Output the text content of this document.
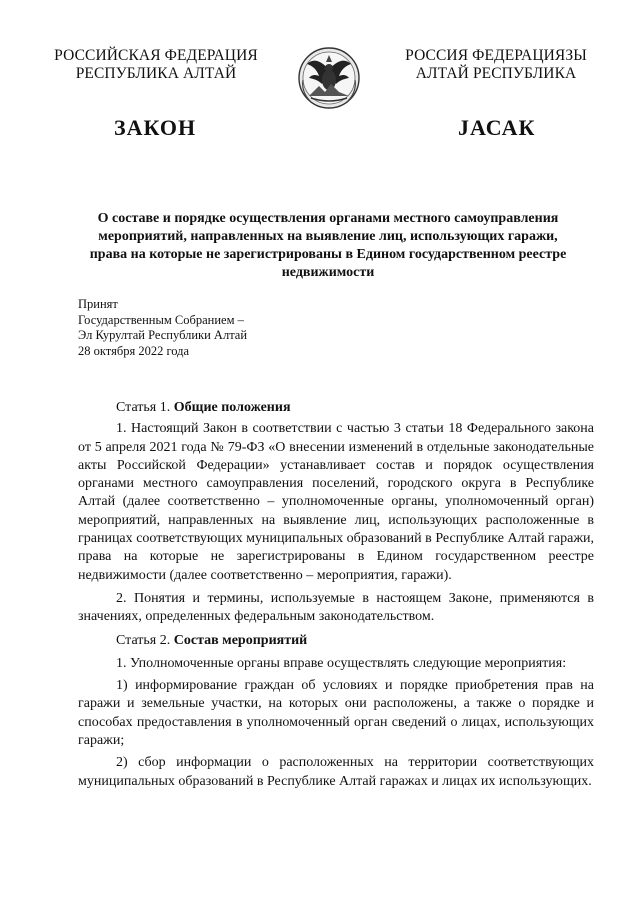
РОССИЙСКАЯ ФЕДЕРАЦИЯ
РЕСПУБЛИКА АЛТАЙ
РОССИЯ ФЕДЕРАЦИЯЗЫ
АЛТАЙ РЕСПУБЛИКА
ЗАКОН	JАСАК
О составе и порядке осуществления органами местного самоуправления мероприятий, направленных на выявление лиц, использующих гаражи, права на которые не зарегистрированы в Едином государственном реестре недвижимости
Принят
Государственным Собранием –
Эл Курултай Республики Алтай
28 октября 2022 года

Статья 1. Общие положения

1. Настоящий Закон в соответствии с частью 3 статьи 18 Федерального закона от 5 апреля 2021 года № 79-ФЗ «О внесении изменений в отдельные законодательные акты Российской Федерации» устанавливает состав и порядок осуществления органами местного самоуправления поселений, городского округа в Республике Алтай (далее соответственно – уполномоченные органы, уполномоченный орган) мероприятий, направленных на выявление лиц, использующих расположенные в границах соответствующих муниципальных образований в Республике Алтай гаражи, права на которые не зарегистрированы в Едином государственном реестре недвижимости (далее соответственно – мероприятия, гаражи).

2. Понятия и термины, используемые в настоящем Законе, применяются в значениях, определенных федеральным законодательством.

Статья 2. Состав мероприятий

1. Уполномоченные органы вправе осуществлять следующие мероприятия:

1) информирование граждан об условиях и порядке приобретения прав на гаражи и земельные участки, на которых они расположены, а также о порядке и способах предоставления в уполномоченный орган сведений о лицах, использующих гаражи;

2) сбор информации о расположенных на территории соответствующих муниципальных образований в Республике Алтай гаражах и лицах их использующих.
